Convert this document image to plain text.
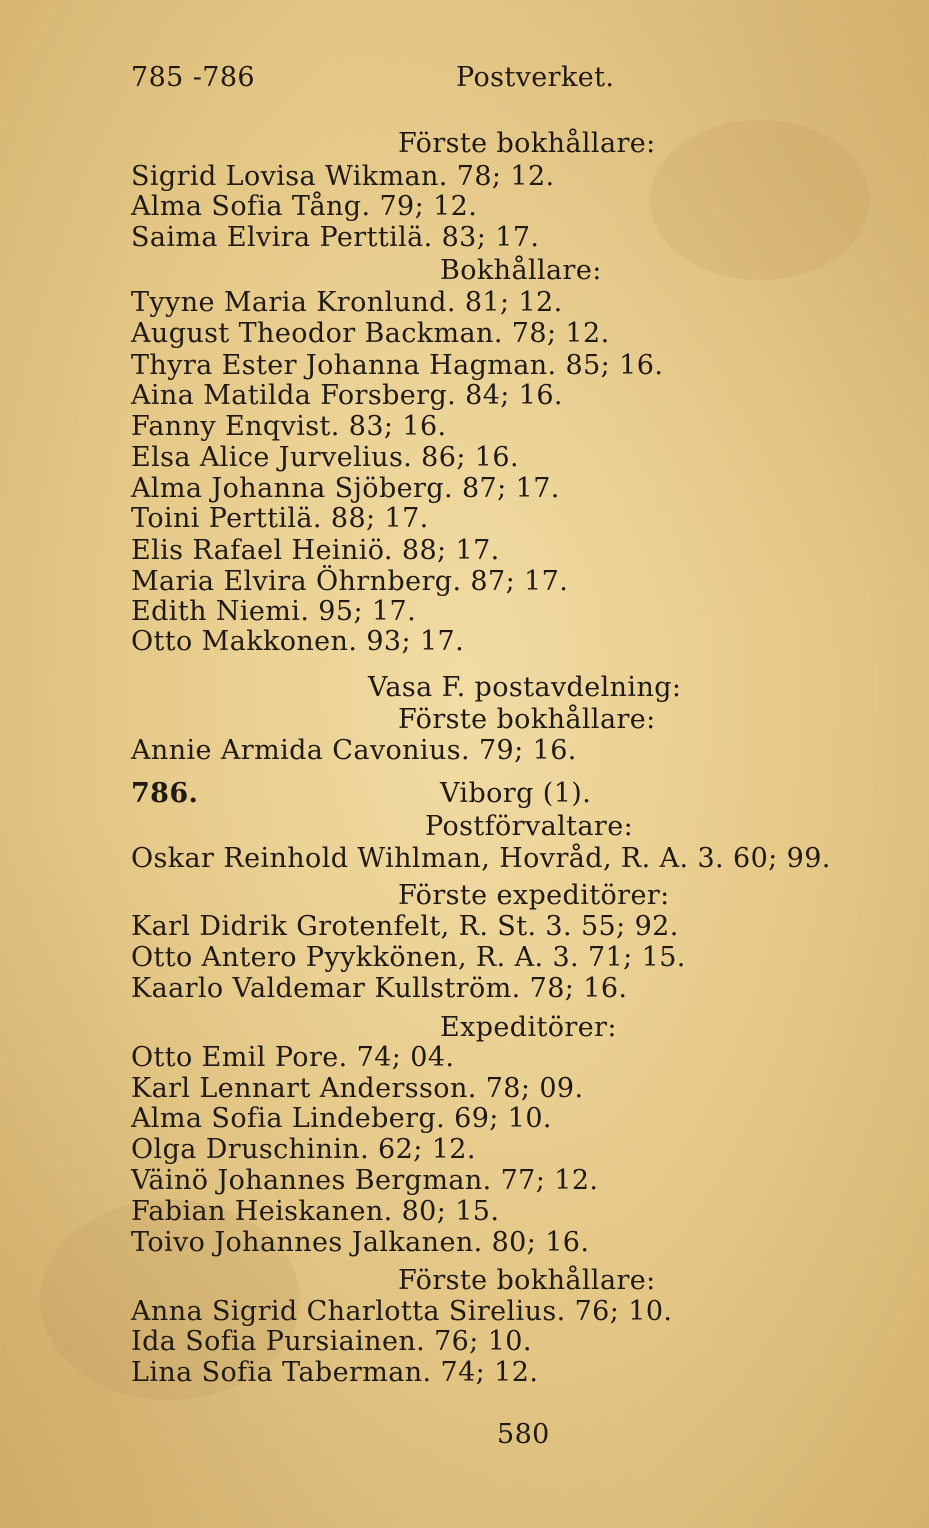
785 -786	Postverket.
Förste bokhållare:
Sigrid Lovisa Wikman. 78; 12.
Alma Sofia Tång. 79; 12.
Saima Elvira Perttilä. 83; 17.
Bokhållare:
Tyyne Maria Kronlund. 81; 12.
August Theodor Backman. 78; 12.
Thyra Ester Johanna Hagman. 85; 16.
Aina Matilda Forsberg. 84; 16.
Fanny Enqvist. 83; 16.
Elsa Alice Jurvelius. 86; 16.
Alma Johanna Sjöberg. 87; 17.
Toini Perttilä. 88; 17.
Elis Rafael Heiniö. 88; 17.
Maria Elvira Öhrnberg. 87; 17.
Edith Niemi. 95; 17.
Otto Makkonen. 93; 17.
Vasa F. postavdelning:
Förste bokhållare:
Annie Armida Cavonius. 79; 16.
786.	Viborg (1).
Postförvaltare:
Oskar Reinhold Wihlman, Hovråd, R. A. 3. 60; 99.
Förste expeditörer:
Karl Didrik Grotenfelt, R. St. 3. 55; 92.
Otto Antero Pyykkönen, R. A. 3. 71; 15.
Kaarlo Valdemar Kullström. 78; 16.
Expeditörer:
Otto Emil Pore. 74; 04.
Karl Lennart Andersson. 78; 09.
Alma Sofia Lindeberg. 69; 10.
Olga Druschinin. 62; 12.
Väinö Johannes Bergman. 77; 12.
Fabian Heiskanen. 80; 15.
Toivo Johannes Jalkanen. 80; 16.
Förste bokhållare:
Anna Sigrid Charlotta Sirelius. 76; 10.
Ida Sofia Pursiainen. 76; 10.
Lina Sofia Taberman. 74; 12.
580
